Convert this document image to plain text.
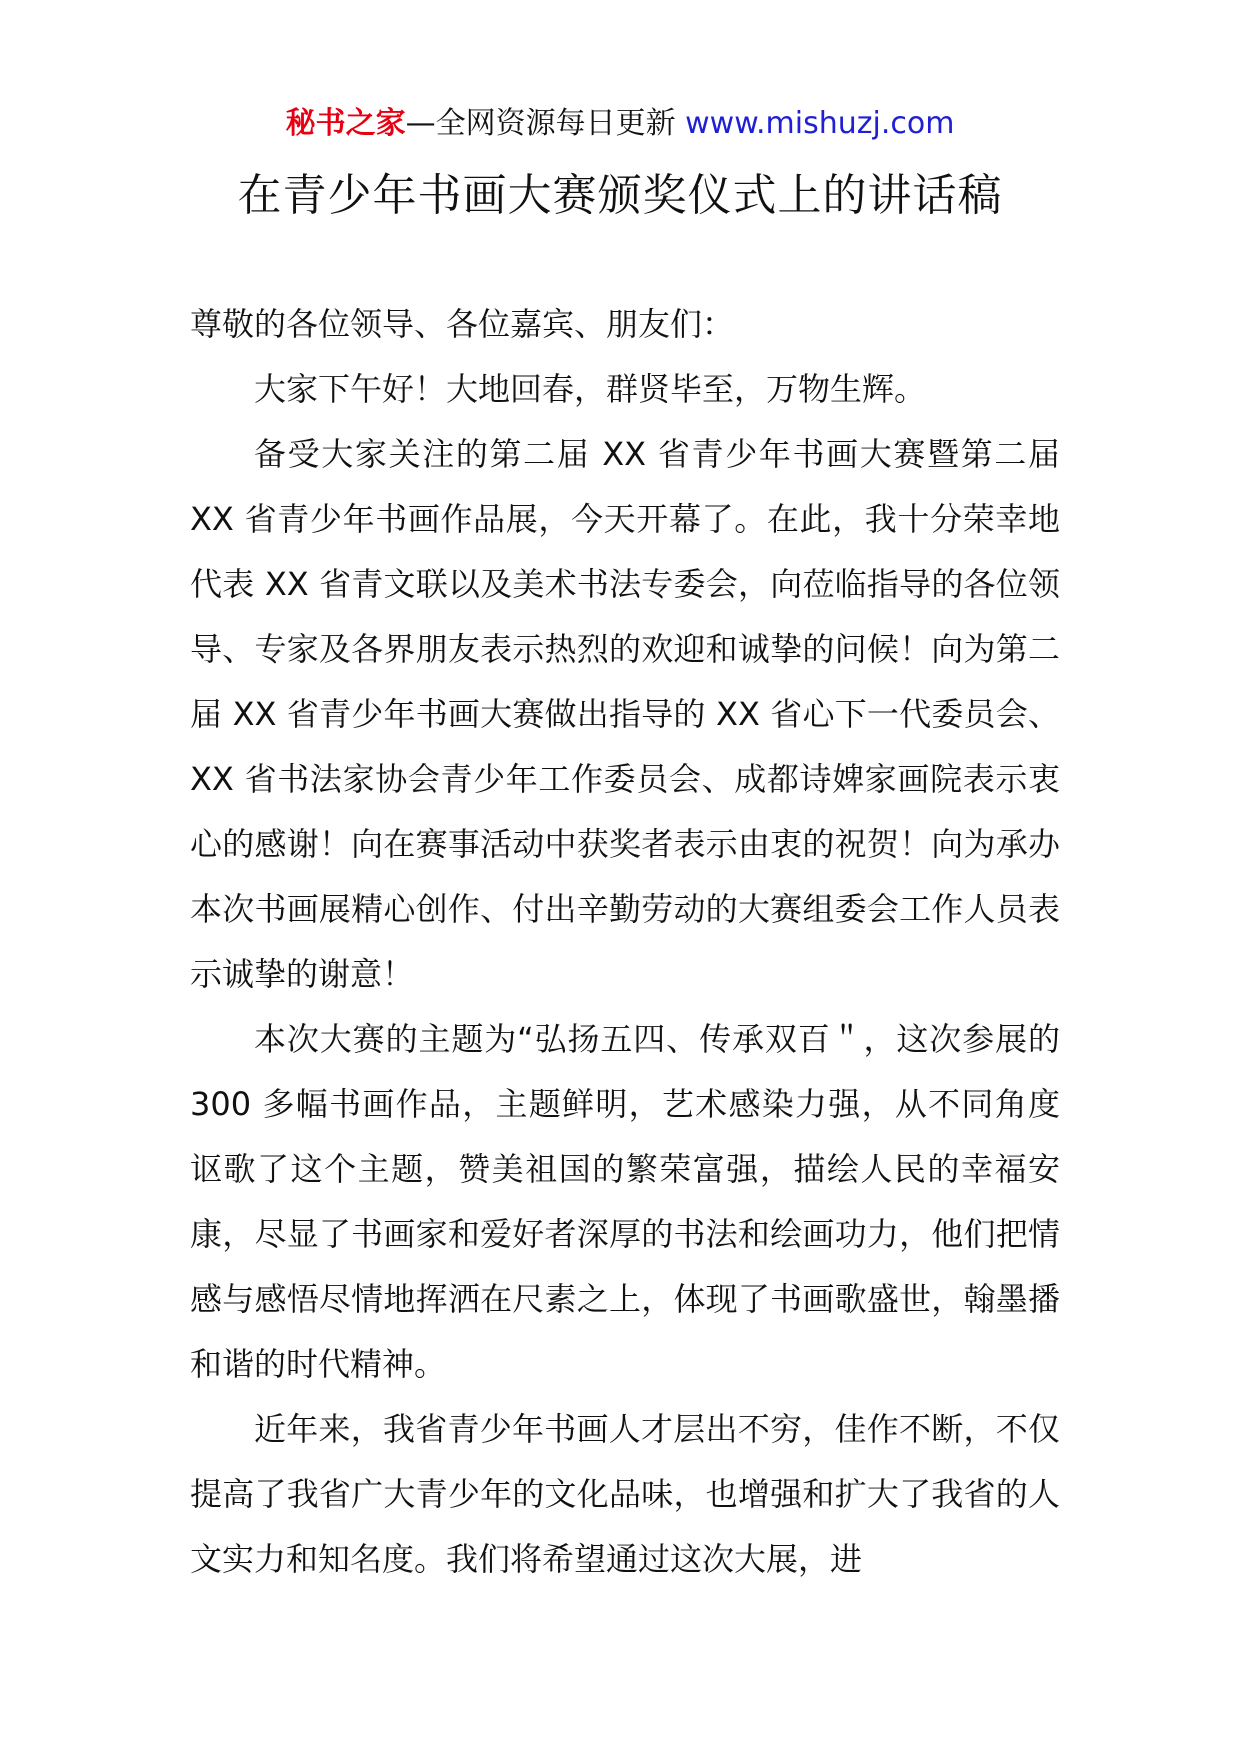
秘书之家—全网资源每日更新 www.mishuzj.com
在青少年书画大赛颁奖仪式上的讲话稿

尊敬的各位领导、各位嘉宾、朋友们：

大家下午好！大地回春，群贤毕至，万物生辉。

备受大家关注的第二届 XX 省青少年书画大赛暨第二届 XX 省青少年书画作品展，今天开幕了。在此，我十分荣幸地代表 XX 省青文联以及美术书法专委会，向莅临指导的各位领导、专家及各界朋友表示热烈的欢迎和诚挚的问候！向为第二届 XX 省青少年书画大赛做出指导的 XX 省心下一代委员会、XX 省书法家协会青少年工作委员会、成都诗婢家画院表示衷心的感谢！向在赛事活动中获奖者表示由衷的祝贺！向为承办本次书画展精心创作、付出辛勤劳动的大赛组委会工作人员表示诚挚的谢意！

本次大赛的主题为“弘扬五四、传承双百＂，这次参展的 300 多幅书画作品，主题鲜明，艺术感染力强，从不同角度讴歌了这个主题，赞美祖国的繁荣富强，描绘人民的幸福安康，尽显了书画家和爱好者深厚的书法和绘画功力，他们把情感与感悟尽情地挥洒在尺素之上，体现了书画歌盛世，翰墨播和谐的时代精神。

近年来，我省青少年书画人才层出不穷，佳作不断，不仅提高了我省广大青少年的文化品味，也增强和扩大了我省的人文实力和知名度。我们将希望通过这次大展，进
